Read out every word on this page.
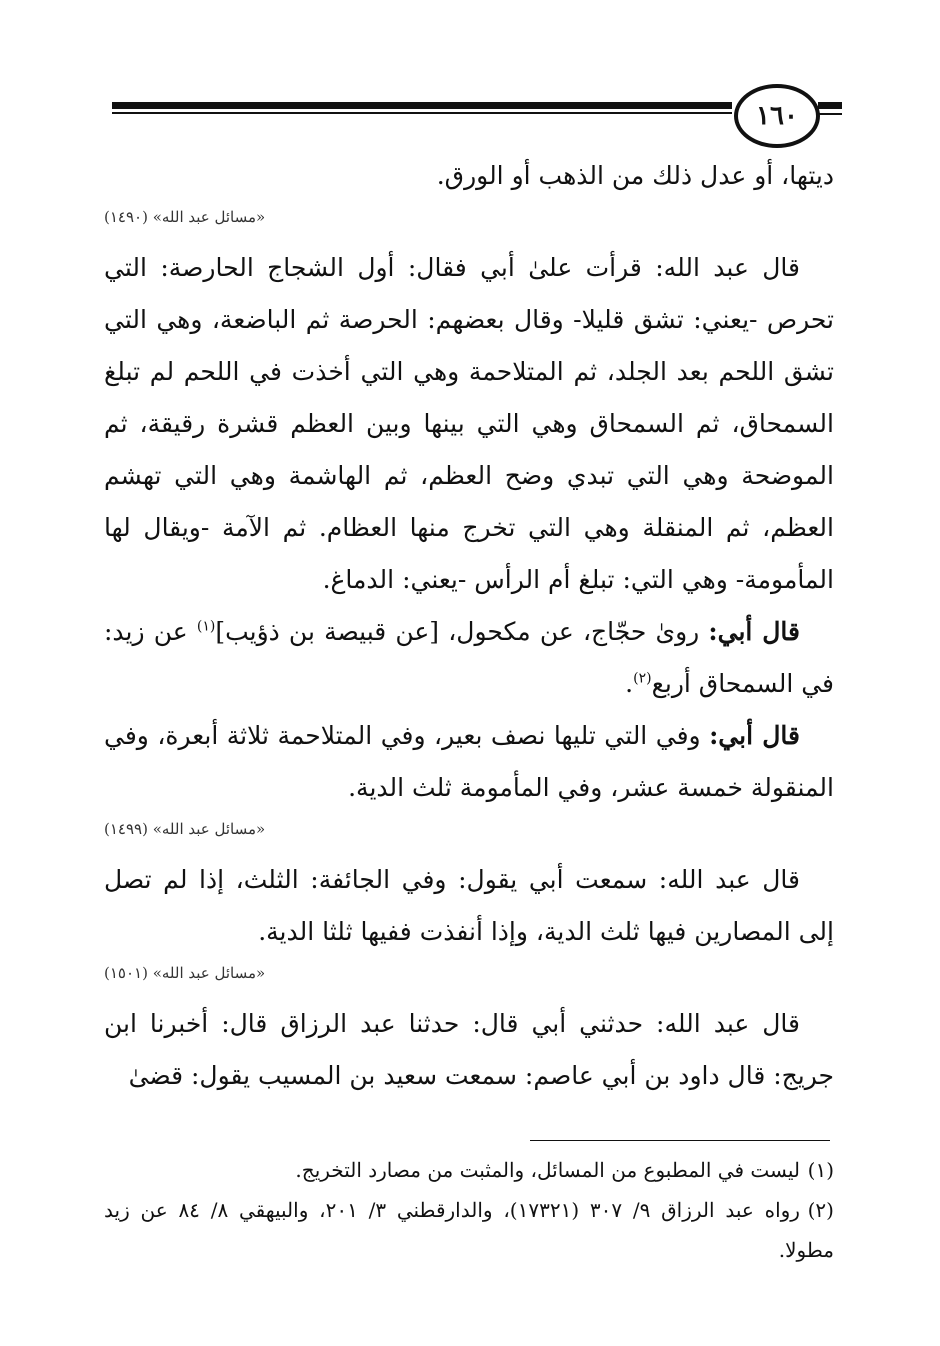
١٦٠

ديتها، أو عدل ذلك من الذهب أو الورق.

«مسائل عبد الله» (١٤٩٠)

قال عبد الله: قرأت علىٰ أبي فقال: أول الشجاج الحارصة: التي تحرص -يعني: تشق قليلا- وقال بعضهم: الحرصة ثم الباضعة، وهي التي تشق اللحم بعد الجلد، ثم المتلاحمة وهي التي أخذت في اللحم لم تبلغ السمحاق، ثم السمحاق وهي التي بينها وبين العظم قشرة رقيقة، ثم الموضحة وهي التي تبدي وضح العظم، ثم الهاشمة وهي التي تهشم العظم، ثم المنقلة وهي التي تخرج منها العظام. ثم الآمة -ويقال لها المأمومة- وهي التي: تبلغ أم الرأس -يعني: الدماغ.

قال أبي: رویٰ حجّاج، عن مكحول، [عن قبيصة بن ذؤيب]$^{(١)}$ عن زيد: في السمحاق أربع$^{(٢)}$.

قال أبي: وفي التي تليها نصف بعير، وفي المتلاحمة ثلاثة أبعرة، وفي المنقولة خمسة عشر، وفي المأمومة ثلث الدية.

«مسائل عبد الله» (١٤٩٩)

قال عبد الله: سمعت أبي يقول: وفي الجائفة: الثلث، إذا لم تصل إلى المصارين فيها ثلث الدية، وإذا أنفذت ففيها ثلثا الدية.

«مسائل عبد الله» (١٥٠١)

قال عبد الله: حدثني أبي قال: حدثنا عبد الرزاق قال: أخبرنا ابن جريج: قال داود بن أبي عاصم: سمعت سعيد بن المسيب يقول: قضىٰ

(١)ليست في المطبوع من المسائل، والمثبت من مصارد التخريج.

(٢)رواه عبد الرزاق ٩/ ٣٠٧ (١٧٣٢١)، والدارقطني ٣/ ٢٠١، والبيهقي ٨/ ٨٤ عن زيد مطولا.
